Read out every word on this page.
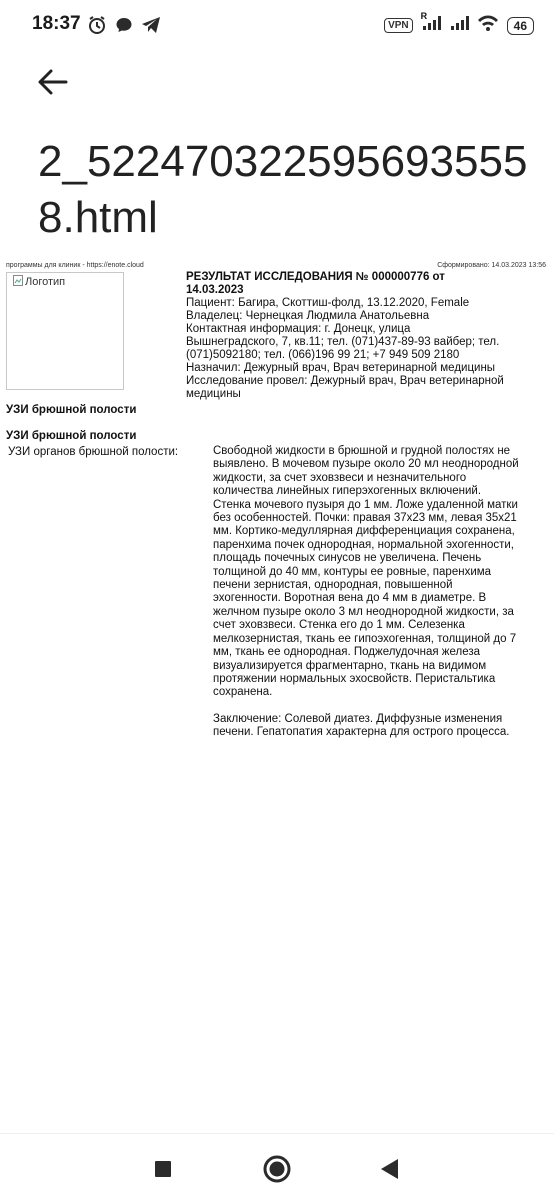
18:37	VPN
R
46
2_522470322595693555 8.html
программы для клиник - https://enote.cloud	Сформировано: 14.03.2023 13:56
Логотип	РЕЗУЛЬТАТ ИССЛЕДОВАНИЯ № 000000776 от 14.03.2023
Пациент: Багира, Скоттиш-фолд, 13.12.2020, Female
Владелец: Чернецкая Людмила Анатольевна
Контактная информация: г. Донецк, улица Вышнеградского, 7, кв.11; тел. (071)437-89-93 вайбер; тел. (071)5092180; тел. (066)196 99 21; +7 949 509 2180
Назначил: Дежурный врач, Врач ветеринарной медицины
Исследование провел: Дежурный врач, Врач ветеринарной медицины
УЗИ брюшной полости
УЗИ брюшной полости
УЗИ органов брюшной полости:	Свободной жидкости в брюшной и грудной полостях не выявлено. В мочевом пузыре около 20 мл неоднородной жидкости, за счет эховзвеси и незначительного количества линейных гиперэхогенных включений. Стенка мочевого пузыря до 1 мм. Ложе удаленной матки без особенностей. Почки: правая 37х23 мм, левая 35х21 мм. Кортико-медуллярная дифференциация сохранена, паренхима почек однородная, нормальной эхогенности, площадь почечных синусов не увеличена. Печень толщиной до 40 мм, контуры ее ровные, паренхима печени зернистая, однородная, повышенной эхогенности. Воротная вена до 4 мм в диаметре. В желчном пузыре около 3 мл неоднородной жидкости, за счет эховзвеси. Стенка его до 1 мм. Селезенка мелкозернистая, ткань ее гипоэхогенная, толщиной до 7 мм, ткань ее однородная. Поджелудочная железа визуализируется фрагментарно, ткань на видимом протяжении нормальных эхосвойств. Перистальтика сохранена.

Заключение: Солевой диатез. Диффузные изменения печени. Гепатопатия характерна для острого процесса.
